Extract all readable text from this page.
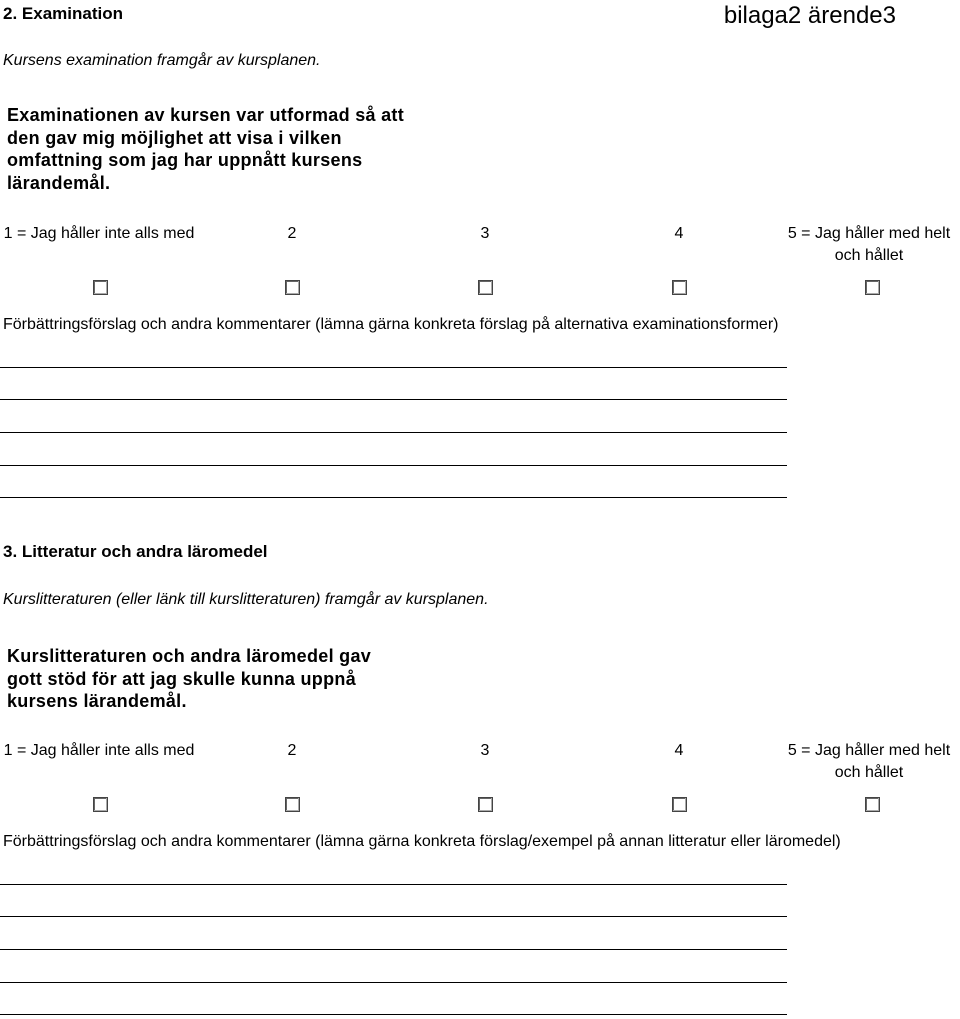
2. Examination	bilaga2 ärende3
Kursens examination framgår av kursplanen.
Examinationen av kursen var utformad så att den gav mig möjlighet att visa i vilken omfattning som jag har uppnått kursens lärandemål.
1 = Jag håller inte alls med	2	3	4	5 = Jag håller med helt och hållet
Förbättringsförslag och andra kommentarer (lämna gärna konkreta förslag på alternativa examinationsformer)
3. Litteratur och andra läromedel
Kurslitteraturen (eller länk till kurslitteraturen) framgår av kursplanen.
Kurslitteraturen och andra läromedel gav gott stöd för att jag skulle kunna uppnå kursens lärandemål.
1 = Jag håller inte alls med	2	3	4	5 = Jag håller med helt och hållet
Förbättringsförslag och andra kommentarer (lämna gärna konkreta förslag/exempel på annan litteratur eller läromedel)
